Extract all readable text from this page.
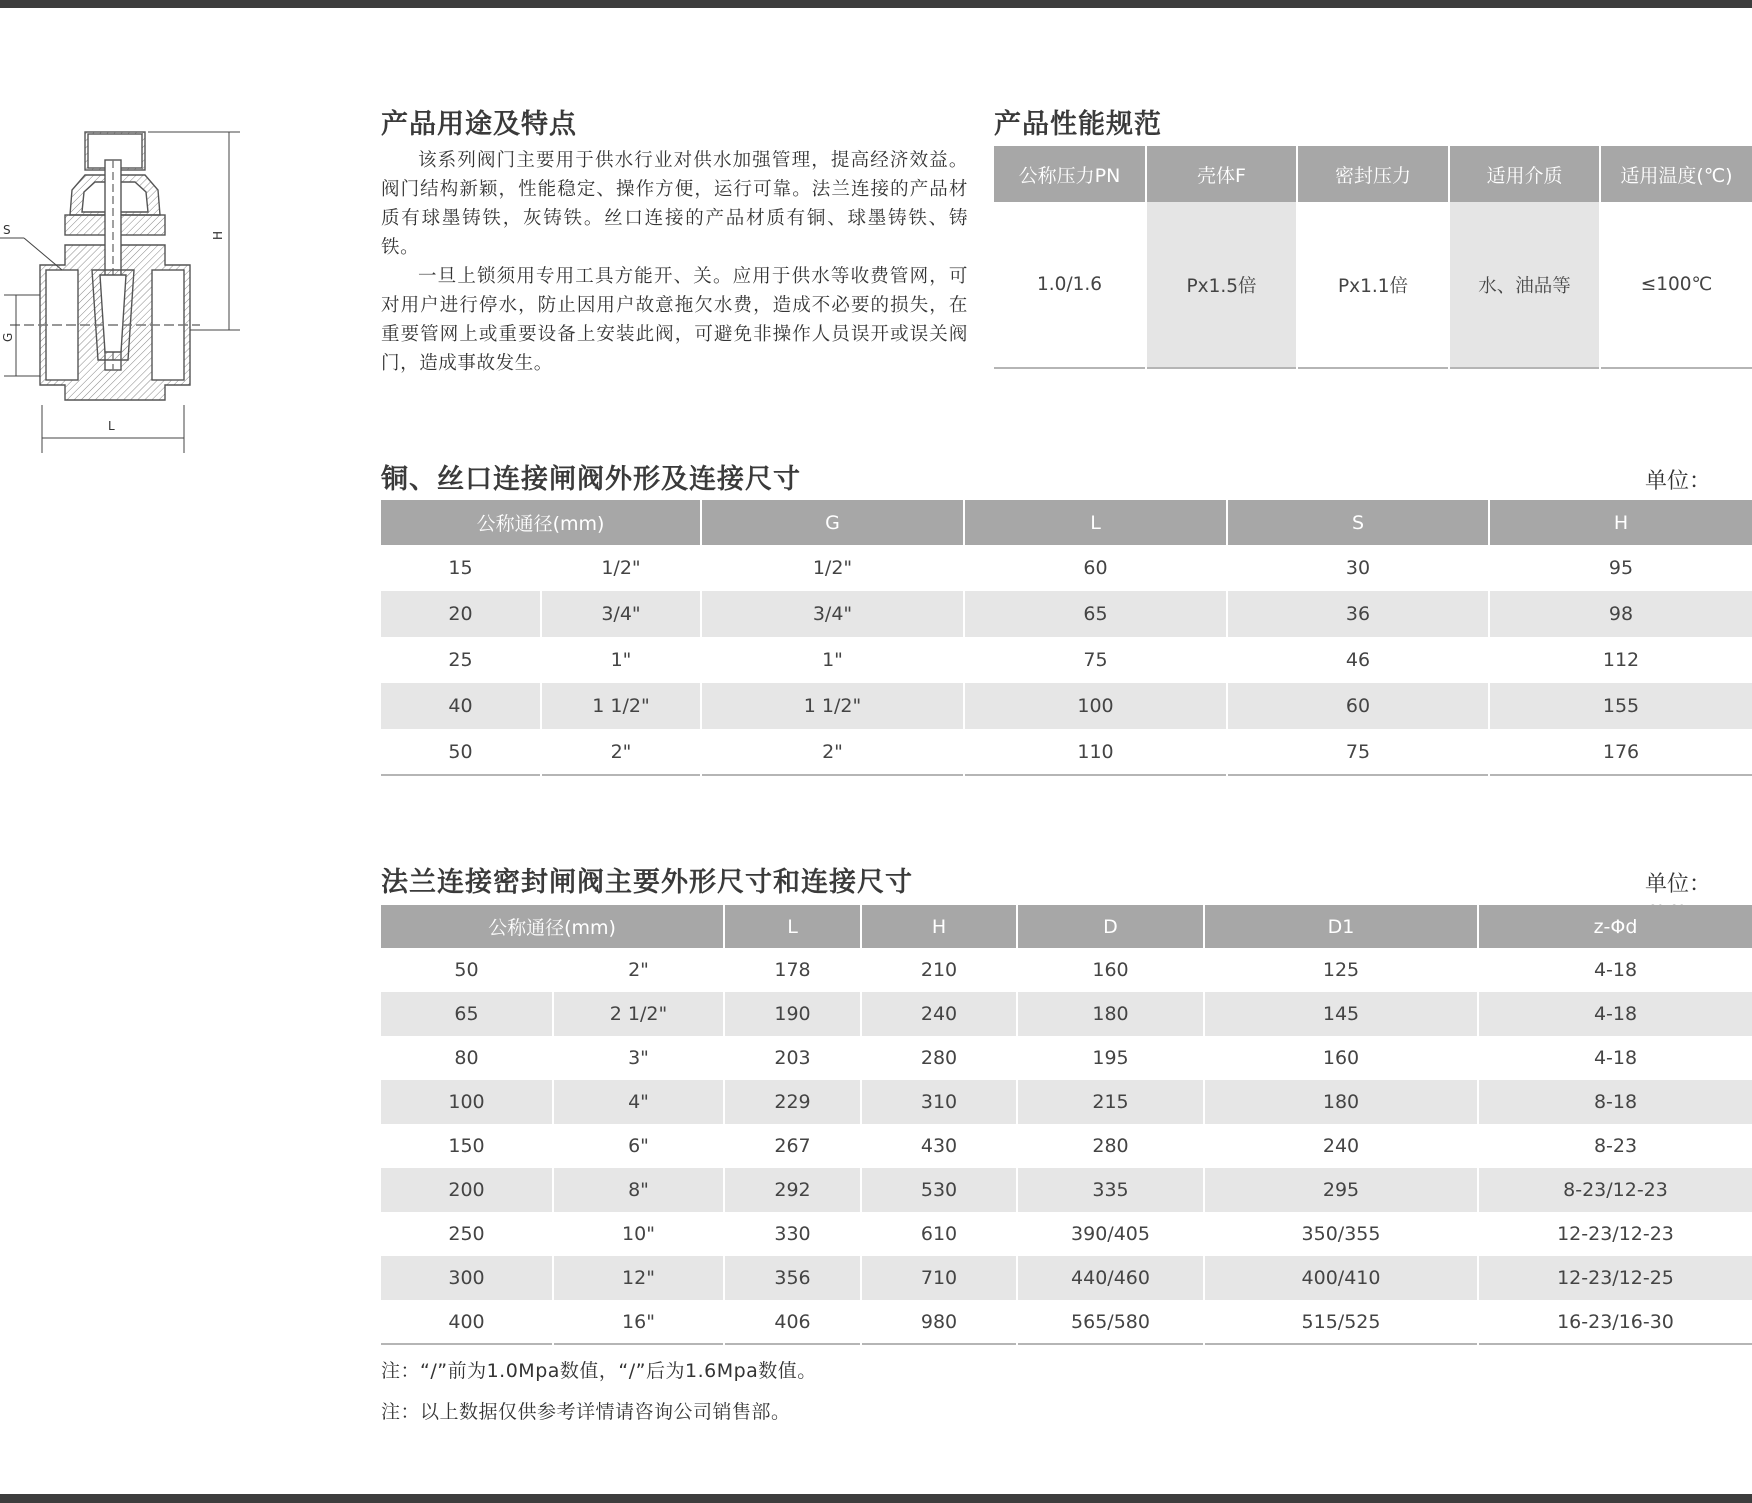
S	H
G
L
产品用途及特点

该系列阀门主要用于供水行业对供水加强管理，提高经济效益。阀门结构新颖，性能稳定、操作方便，运行可靠。法兰连接的产品材质有球墨铸铁，灰铸铁。丝口连接的产品材质有铜、球墨铸铁、铸铁。

一旦上锁须用专用工具方能开、关。应用于供水等收费管网，可对用户进行停水，防止因用户故意拖欠水费，造成不必要的损失，在重要管网上或重要设备上安装此阀，可避免非操作人员误开或误关阀门，造成事故发生。

产品性能规范
公称压力PN	壳体F	密封压力	适用介质	适用温度(℃)
1.0/1.6	Px1.5倍	Px1.1倍	水、油品等	≤100℃
铜、丝口连接闸阀外形及连接尺寸	单位：
公称通径(mm)		G	L	S	H
15	1/2"	1/2"	60	30	95
20	3/4"	3/4"	65	36	98
25	1"	1"	75	46	112
40	1 1/2"	1 1/2"	100	60	155
50	2"	2"	110	75	176
法兰连接密封闸阀主要外形尺寸和连接尺寸	单位：
公称通径(mm)		L	H	D	D1	z-Φd
50	2"	178	210	160	125	4-18
65	2 1/2"	190	240	180	145	4-18
80	3"	203	280	195	160	4-18
100	4"	229	310	215	180	8-18
150	6"	267	430	280	240	8-23
200	8"	292	530	335	295	8-23/12-23
250	10"	330	610	390/405	350/355	12-23/12-23
300	12"	356	710	440/460	400/410	12-23/12-25
400	16"	406	980	565/580	515/525	16-23/16-30
注：“/”前为1.0Mpa数值，“/”后为1.6Mpa数值。
注：以上数据仅供参考详情请咨询公司销售部。
